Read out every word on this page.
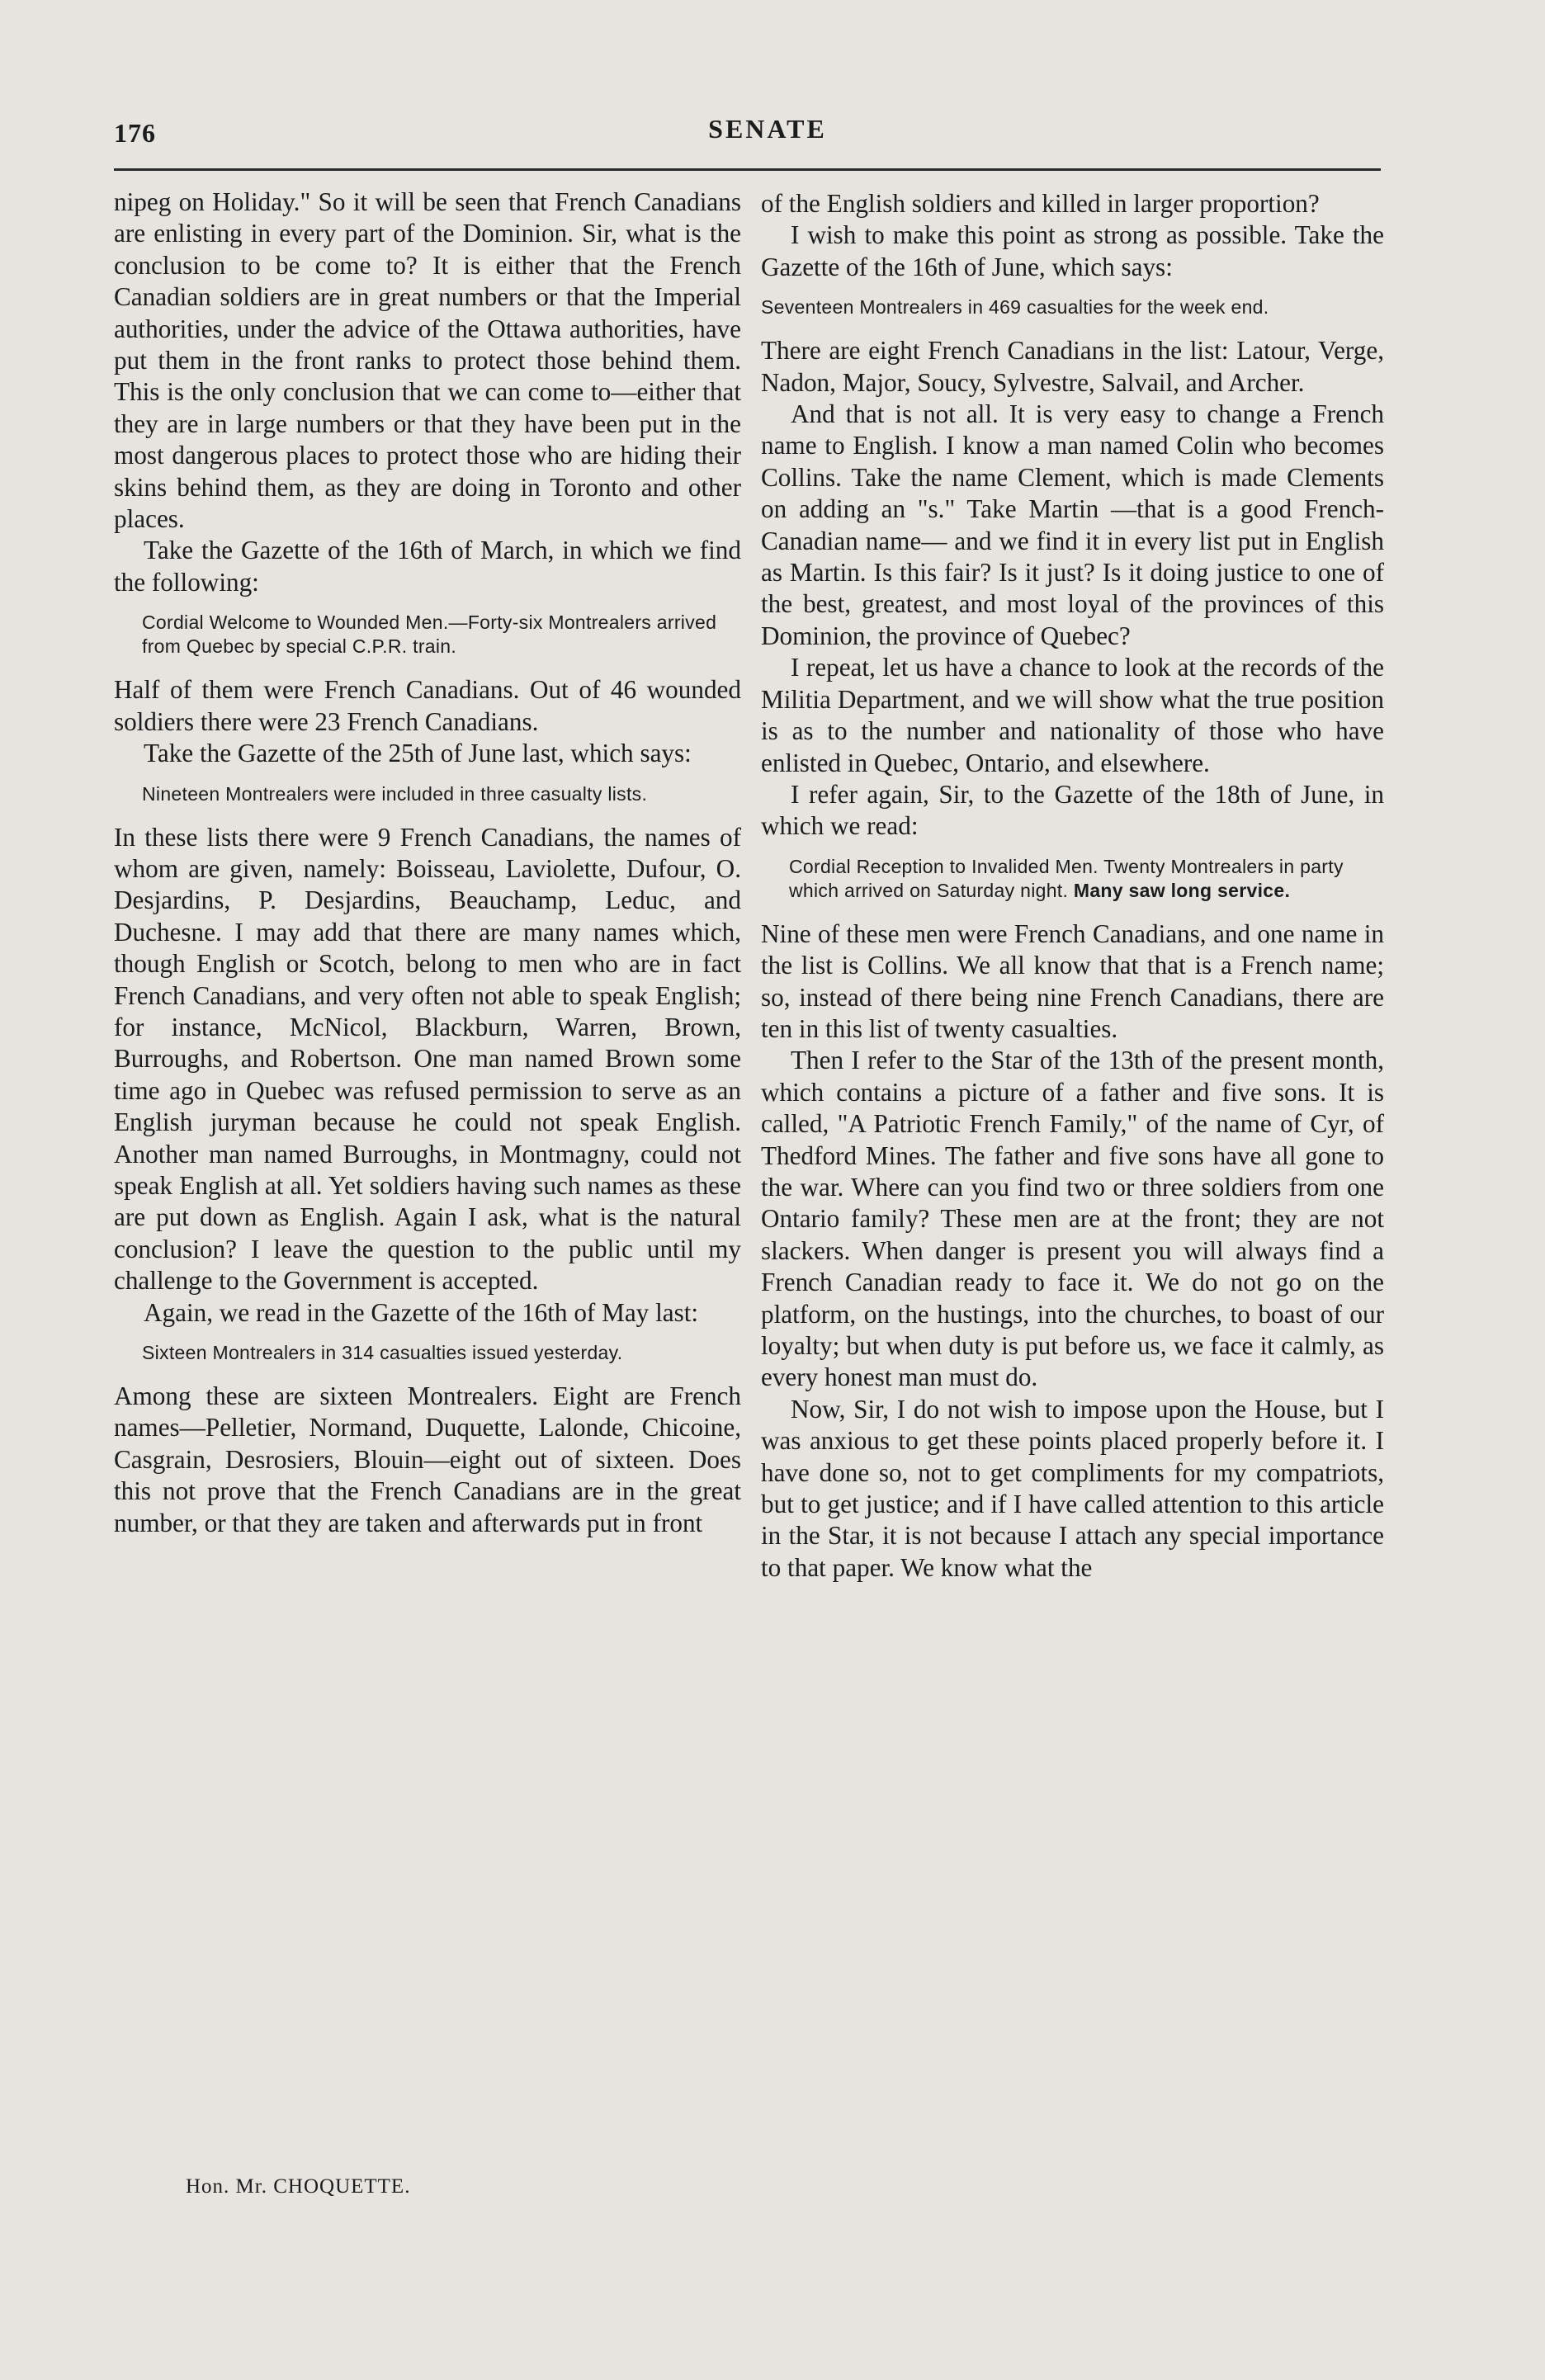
176	SENATE

nipeg on Holiday." So it will be seen that French Canadians are enlisting in every part of the Dominion. Sir, what is the conclusion to be come to? It is either that the French Canadian soldiers are in great numbers or that the Imperial authorities, under the advice of the Ottawa authorities, have put them in the front ranks to protect those behind them. This is the only conclusion that we can come to—either that they are in large numbers or that they have been put in the most dangerous places to protect those who are hiding their skins behind them, as they are doing in Toronto and other places.

Take the Gazette of the 16th of March, in which we find the following:

Cordial Welcome to Wounded Men.—Forty-six Montrealers arrived from Quebec by special C.P.R. train.

Half of them were French Canadians. Out of 46 wounded soldiers there were 23 French Canadians.

Take the Gazette of the 25th of June last, which says:

Nineteen Montrealers were included in three casualty lists.

In these lists there were 9 French Canadians, the names of whom are given, namely: Boisseau, Laviolette, Dufour, O. Desjardins, P. Desjardins, Beauchamp, Leduc, and Duchesne. I may add that there are many names which, though English or Scotch, belong to men who are in fact French Canadians, and very often not able to speak English; for instance, McNicol, Blackburn, Warren, Brown, Burroughs, and Robertson. One man named Brown some time ago in Quebec was refused permission to serve as an English juryman because he could not speak English. Another man named Burroughs, in Montmagny, could not speak English at all. Yet soldiers having such names as these are put down as English. Again I ask, what is the natural conclusion? I leave the question to the public until my challenge to the Government is accepted.

Again, we read in the Gazette of the 16th of May last:

Sixteen Montrealers in 314 casualties issued yesterday.

Among these are sixteen Montrealers. Eight are French names—Pelletier, Normand, Duquette, Lalonde, Chicoine, Casgrain, Desrosiers, Blouin—eight out of sixteen. Does this not prove that the French Canadians are in the great number, or that they are taken and afterwards put in front

Hon. Mr. CHOQUETTE.

of the English soldiers and killed in larger proportion?

I wish to make this point as strong as possible. Take the Gazette of the 16th of June, which says:

Seventeen Montrealers in 469 casualties for the week end.

There are eight French Canadians in the list: Latour, Verge, Nadon, Major, Soucy, Sylvestre, Salvail, and Archer.

And that is not all. It is very easy to change a French name to English. I know a man named Colin who becomes Collins. Take the name Clement, which is made Clements on adding an "s." Take Martin —that is a good French-Canadian name— and we find it in every list put in English as Martin. Is this fair? Is it just? Is it doing justice to one of the best, greatest, and most loyal of the provinces of this Dominion, the province of Quebec?

I repeat, let us have a chance to look at the records of the Militia Department, and we will show what the true position is as to the number and nationality of those who have enlisted in Quebec, Ontario, and elsewhere.

I refer again, Sir, to the Gazette of the 18th of June, in which we read:

Cordial Reception to Invalided Men. Twenty Montrealers in party which arrived on Saturday night. Many saw long service.

Nine of these men were French Canadians, and one name in the list is Collins. We all know that that is a French name; so, instead of there being nine French Canadians, there are ten in this list of twenty casualties.

Then I refer to the Star of the 13th of the present month, which contains a picture of a father and five sons. It is called, "A Patriotic French Family," of the name of Cyr, of Thedford Mines. The father and five sons have all gone to the war. Where can you find two or three soldiers from one Ontario family? These men are at the front; they are not slackers. When danger is present you will always find a French Canadian ready to face it. We do not go on the platform, on the hustings, into the churches, to boast of our loyalty; but when duty is put before us, we face it calmly, as every honest man must do.

Now, Sir, I do not wish to impose upon the House, but I was anxious to get these points placed properly before it. I have done so, not to get compliments for my compatriots, but to get justice; and if I have called attention to this article in the Star, it is not because I attach any special importance to that paper. We know what the
